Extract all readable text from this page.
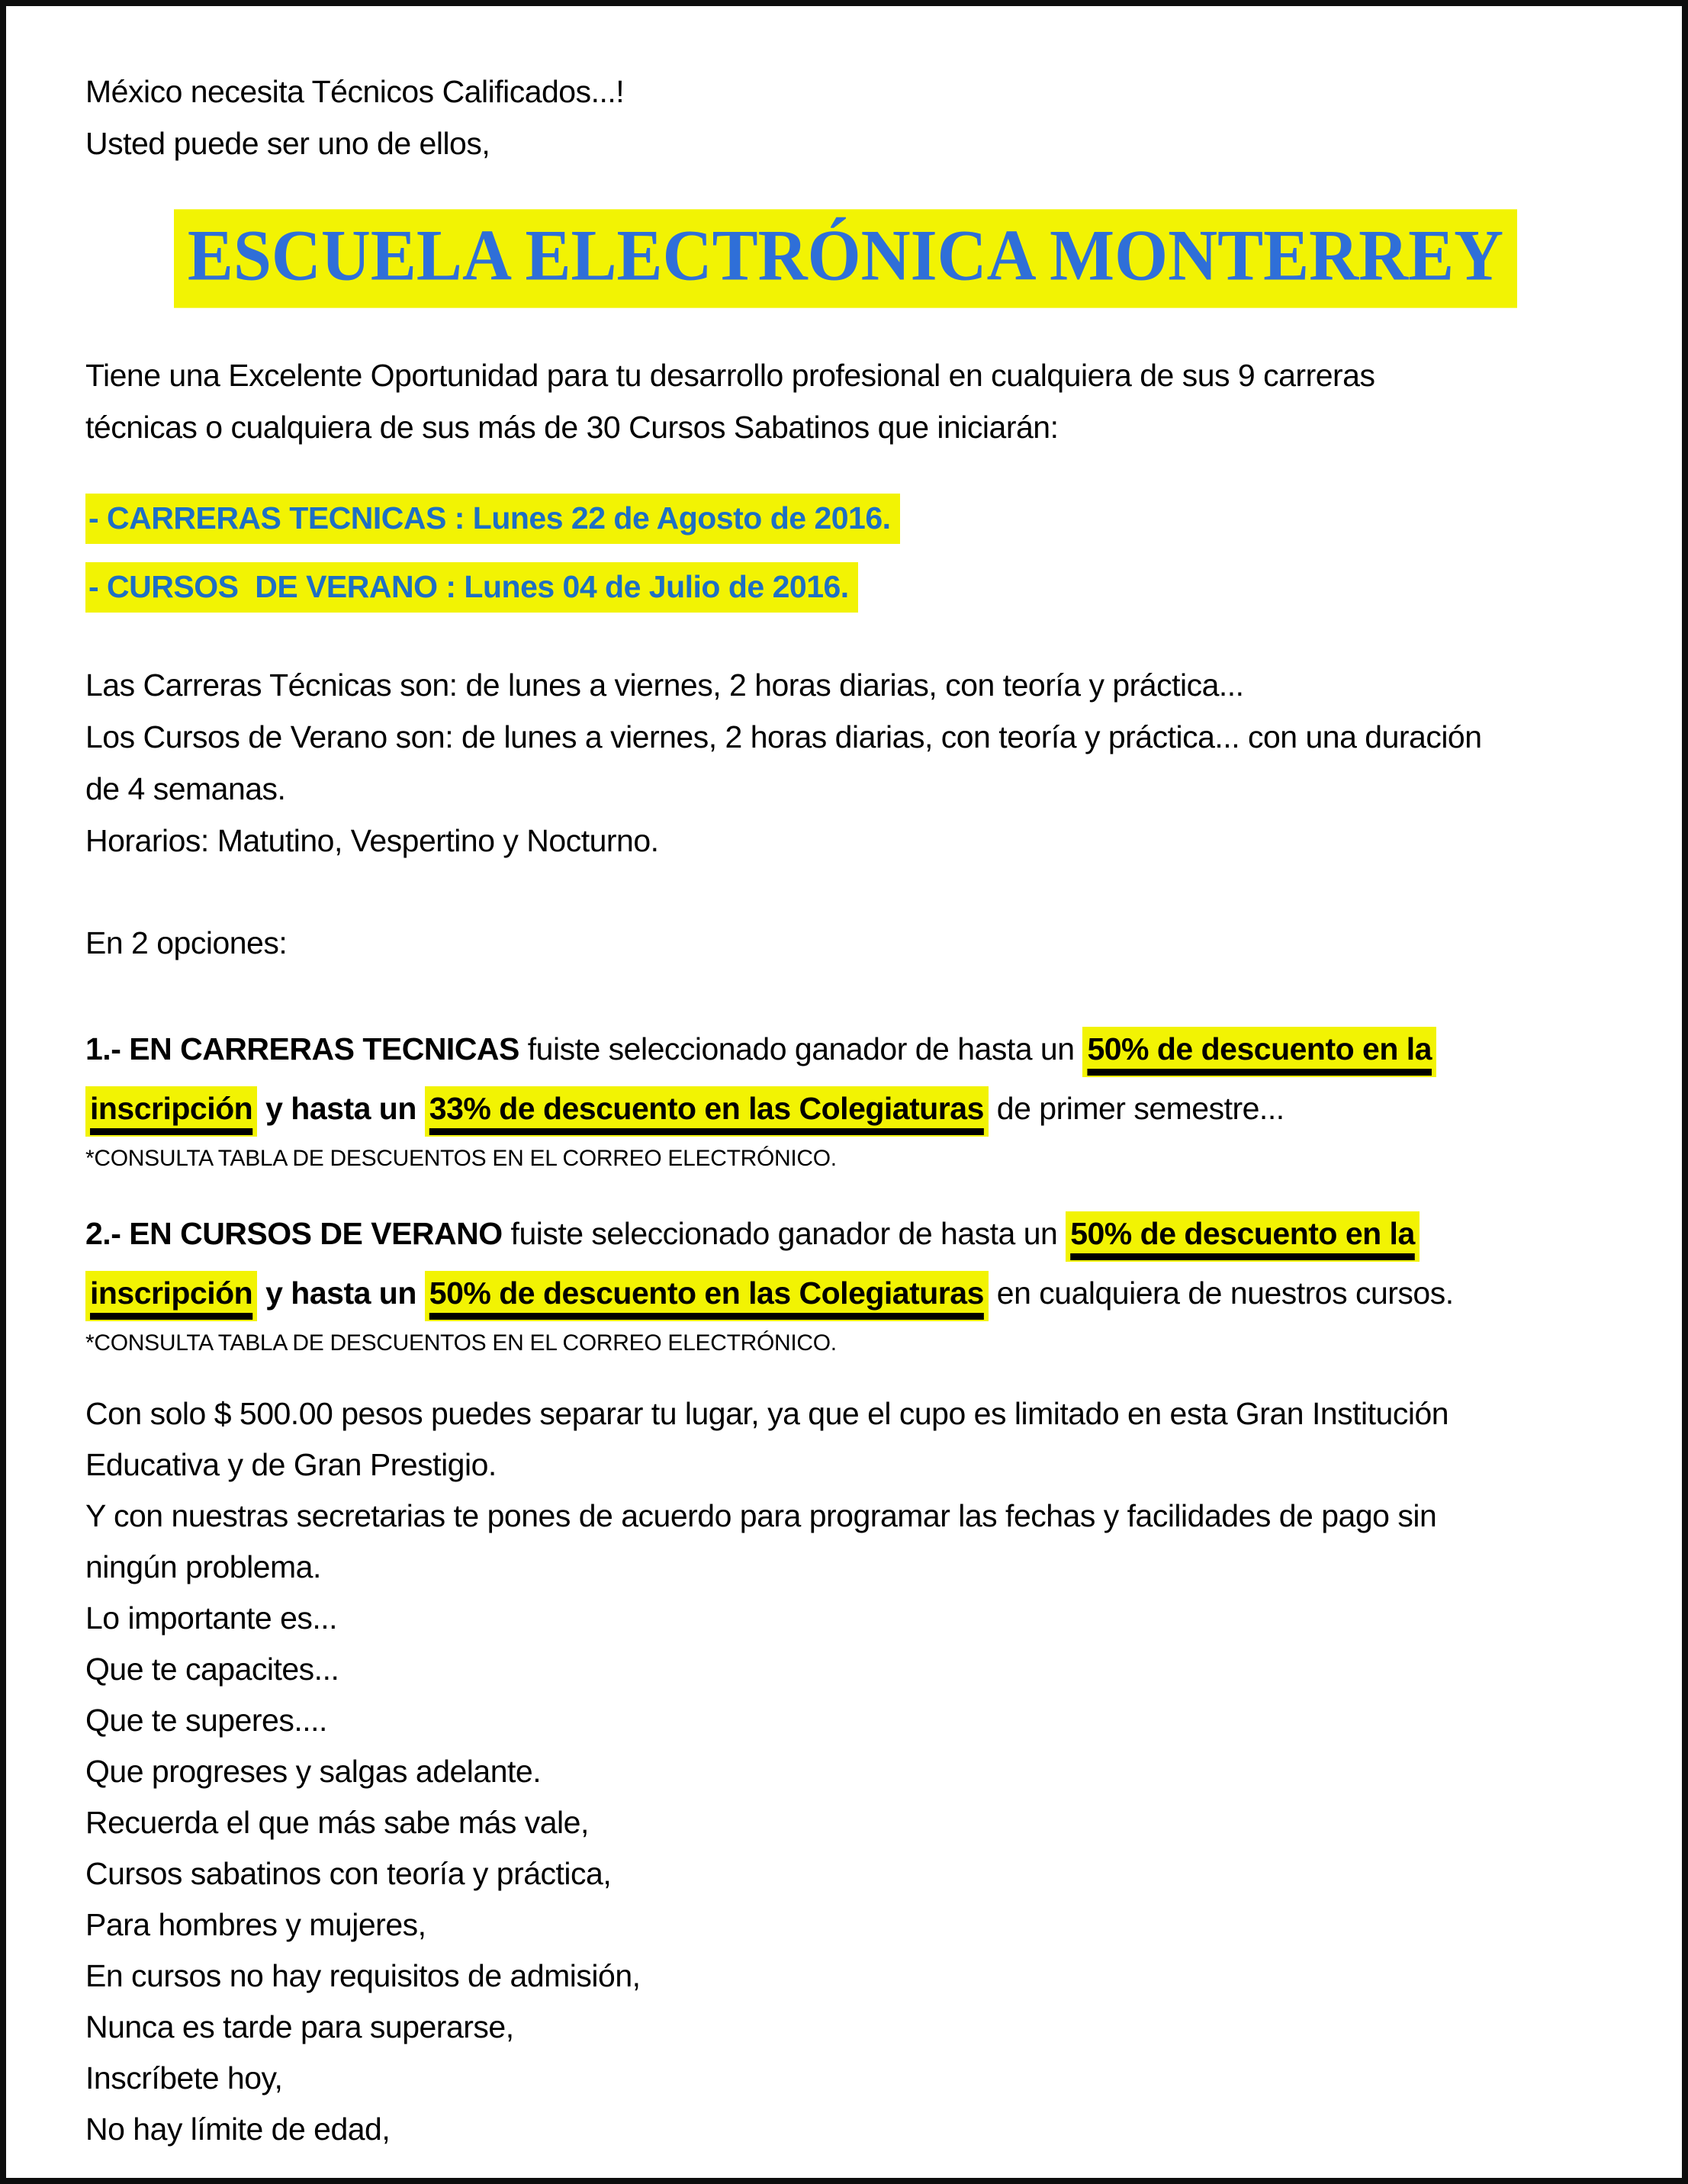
México necesita Técnicos Calificados...!
Usted puede ser uno de ellos,
ESCUELA ELECTRÓNICA MONTERREY
Tiene una Excelente Oportunidad para tu desarrollo profesional en cualquiera de sus 9 carreras
técnicas o cualquiera de sus más de 30 Cursos Sabatinos que iniciarán:
- CARRERAS TECNICAS : Lunes 22 de Agosto de 2016.
- CURSOS  DE VERANO : Lunes 04 de Julio de 2016.
Las Carreras Técnicas son: de lunes a viernes, 2 horas diarias, con teoría y práctica...
Los Cursos de Verano son: de lunes a viernes, 2 horas diarias, con teoría y práctica... con una duración
de 4 semanas.
Horarios: Matutino, Vespertino y Nocturno.
En 2 opciones:
1.- EN CARRERAS TECNICAS fuiste seleccionado ganador de hasta un 50% de descuento en la
inscripción y hasta un 33% de descuento en las Colegiaturas de primer semestre...
*CONSULTA TABLA DE DESCUENTOS EN EL CORREO ELECTRÓNICO.
2.- EN CURSOS DE VERANO fuiste seleccionado ganador de hasta un 50% de descuento en la
inscripción y hasta un 50% de descuento en las Colegiaturas en cualquiera de nuestros cursos.
*CONSULTA TABLA DE DESCUENTOS EN EL CORREO ELECTRÓNICO.
Con solo $ 500.00 pesos puedes separar tu lugar, ya que el cupo es limitado en esta Gran Institución
Educativa y de Gran Prestigio.
Y con nuestras secretarias te pones de acuerdo para programar las fechas y facilidades de pago sin
ningún problema.
Lo importante es...
Que te capacites...
Que te superes....
Que progreses y salgas adelante.
Recuerda el que más sabe más vale,
Cursos sabatinos con teoría y práctica,
Para hombres y mujeres,
En cursos no hay requisitos de admisión,
Nunca es tarde para superarse,
Inscríbete hoy,
No hay límite de edad,
